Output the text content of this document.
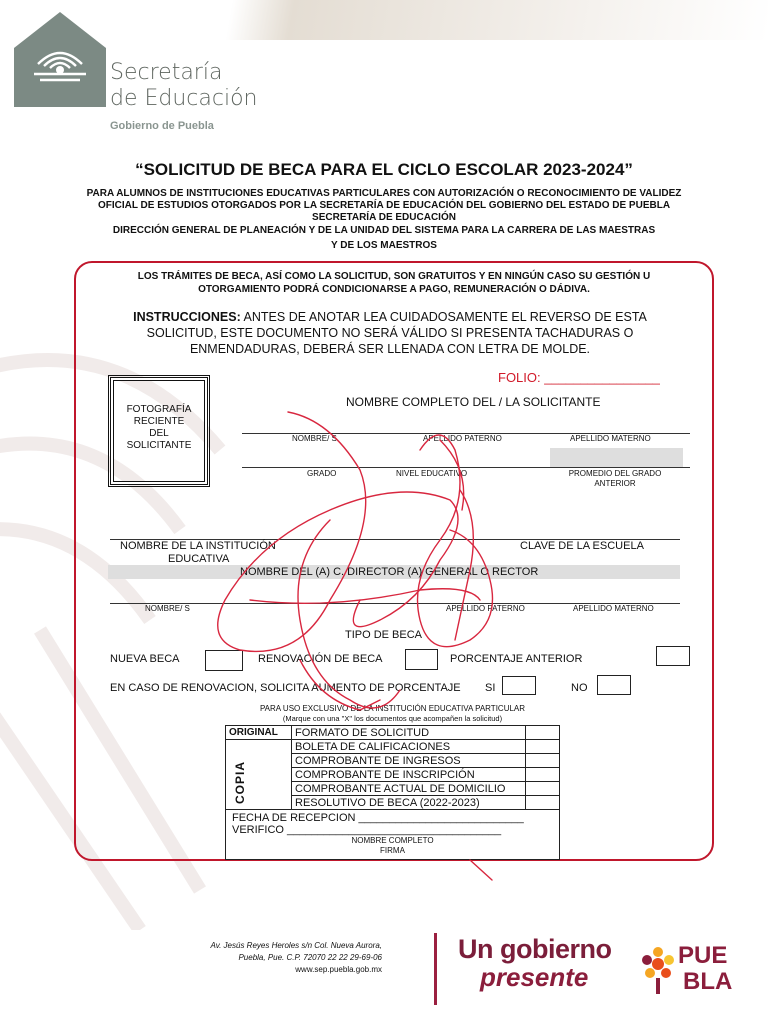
Secretaría
de Educación
Gobierno de Puebla
“SOLICITUD DE BECA PARA EL CICLO ESCOLAR 2023-2024”
PARA ALUMNOS DE INSTITUCIONES EDUCATIVAS PARTICULARES CON AUTORIZACIÓN O RECONOCIMIENTO DE VALIDEZ
OFICIAL DE ESTUDIOS OTORGADOS POR LA SECRETARÍA DE EDUCACIÓN DEL GOBIERNO DEL ESTADO DE PUEBLA
SECRETARÍA DE EDUCACIÓN
DIRECCIÓN GENERAL DE PLANEACIÓN Y DE LA UNIDAD DEL SISTEMA PARA LA CARRERA DE LAS MAESTRAS
Y DE LOS MAESTROS
LOS TRÁMITES DE BECA, ASÍ COMO LA SOLICITUD, SON GRATUITOS Y EN NINGÚN CASO SU GESTIÓN U
OTORGAMIENTO PODRÁ CONDICIONARSE A PAGO, REMUNERACIÓN O DÁDIVA.
INSTRUCCIONES: ANTES DE ANOTAR LEA CUIDADOSAMENTE EL REVERSO DE ESTA
SOLICITUD, ESTE DOCUMENTO NO SERÁ VÁLIDO SI PRESENTA TACHADURAS O
ENMENDADURAS, DEBERÁ SER LLENADA CON LETRA DE MOLDE.
FOLIO: ________________
FOTOGRAFÍA
RECIENTE
DEL
SOLICITANTE
NOMBRE COMPLETO DEL / LA SOLICITANTE
NOMBRE/ S	APELLIDO PATERNO	APELLIDO MATERNO
GRADO	NIVEL EDUCATIVO	PROMEDIO DEL GRADO
ANTERIOR
NOMBRE DE LA INSTITUCIÓN
EDUCATIVA
CLAVE DE LA ESCUELA
NOMBRE DEL (A) C. DIRECTOR (A) GENERAL O RECTOR
NOMBRE/ S	APELLIDO PATERNO	APELLIDO MATERNO
TIPO DE BECA
NUEVA BECA	RENOVACIÓN DE BECA	PORCENTAJE ANTERIOR
EN CASO DE RENOVACION, SOLICITA AUMENTO DE PORCENTAJE SI	NO
PARA USO EXCLUSIVO DE LA INSTITUCIÓN EDUCATIVA PARTICULAR
(Marque con una "X" los documentos que acompañen la solicitud)
ORIGINAL	FORMATO DE SOLICITUD	

COPIA	BOLETA DE CALIFICACIONES	
	COMPROBANTE DE INGRESOS	
	COMPROBANTE DE INSCRIPCIÓN	
	COMPROBANTE ACTUAL DE DOMICILIO	
	RESOLUTIVO DE BECA (2022-2023)	

FECHA DE RECEPCION ___________________________
VERIFICO ___________________________________
NOMBRE COMPLETO
FIRMA		
Av. Jesús Reyes Heroles s/n Col. Nueva Aurora,
Puebla, Pue. C.P. 72070 22 22 29-69-06
www.sep.puebla.gob.mx
Un gobierno
presente
PUE
BLA
